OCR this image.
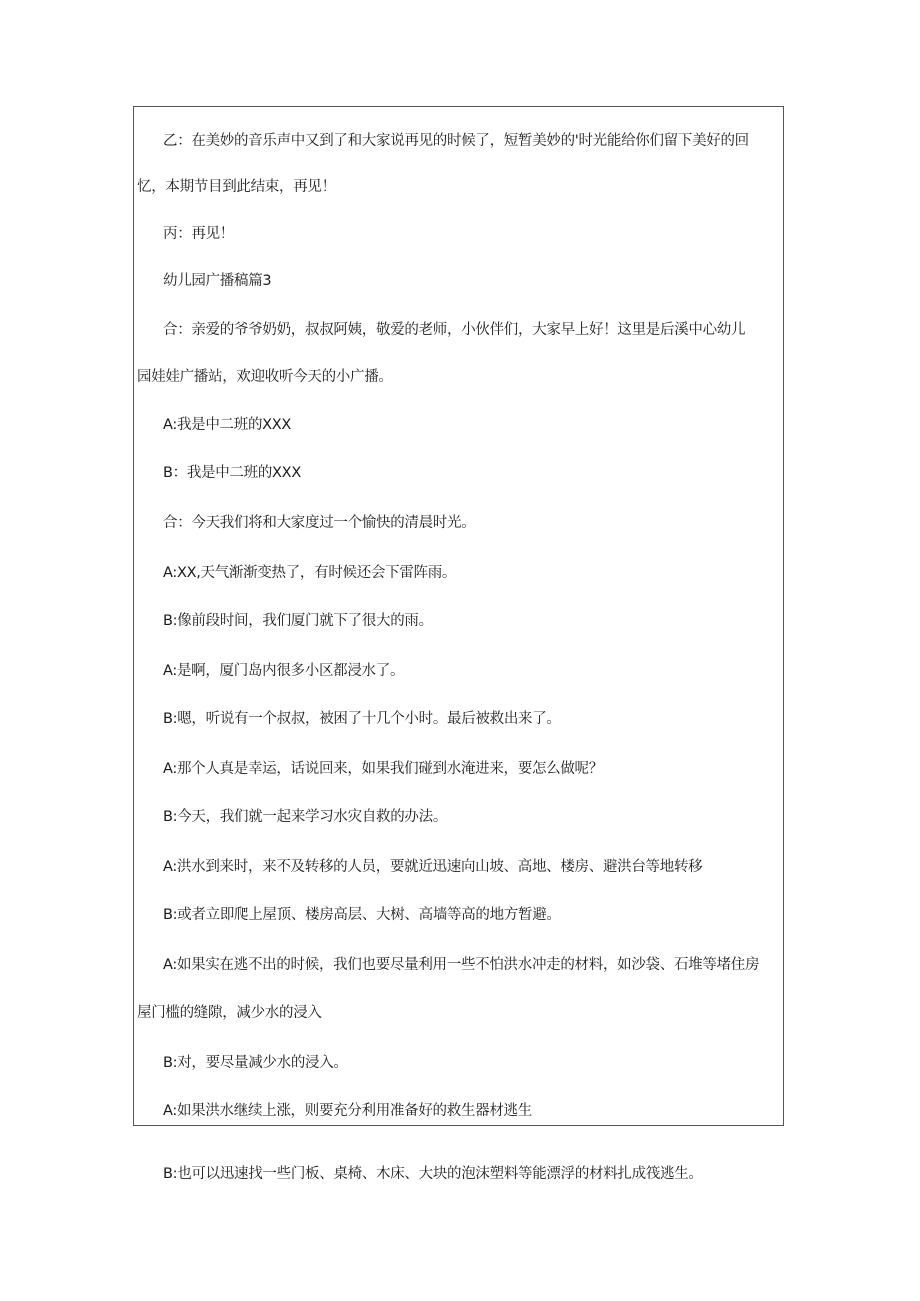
乙：在美妙的音乐声中又到了和大家说再见的时候了，短暂美妙的'时光能给你们留下美好的回
忆，本期节目到此结束，再见！
丙：再见！
幼儿园广播稿篇3
合：亲爱的爷爷奶奶，叔叔阿姨，敬爱的老师，小伙伴们，大家早上好！这里是后溪中心幼儿
园娃娃广播站，欢迎收听今天的小广播。
A:我是中二班的XXX
B：我是中二班的XXX
合：今天我们将和大家度过一个愉快的清晨时光。
A:XX,天气渐渐变热了，有时候还会下雷阵雨。
B:像前段时间，我们厦门就下了很大的雨。
A:是啊，厦门岛内很多小区都浸水了。
B:嗯，听说有一个叔叔，被困了十几个小时。最后被救出来了。
A:那个人真是幸运，话说回来，如果我们碰到水淹进来，要怎么做呢？
B:今天，我们就一起来学习水灾自救的办法。
A:洪水到来时，来不及转移的人员，要就近迅速向山坡、高地、楼房、避洪台等地转移
B:或者立即爬上屋顶、楼房高层、大树、高墙等高的地方暂避。
A:如果实在逃不出的时候，我们也要尽量利用一些不怕洪水冲走的材料，如沙袋、石堆等堵住房
屋门槛的缝隙，减少水的浸入
B:对，要尽量减少水的浸入。
A:如果洪水继续上涨，则要充分利用准备好的救生器材逃生
B:也可以迅速找一些门板、桌椅、木床、大块的泡沫塑料等能漂浮的材料扎成筏逃生。
